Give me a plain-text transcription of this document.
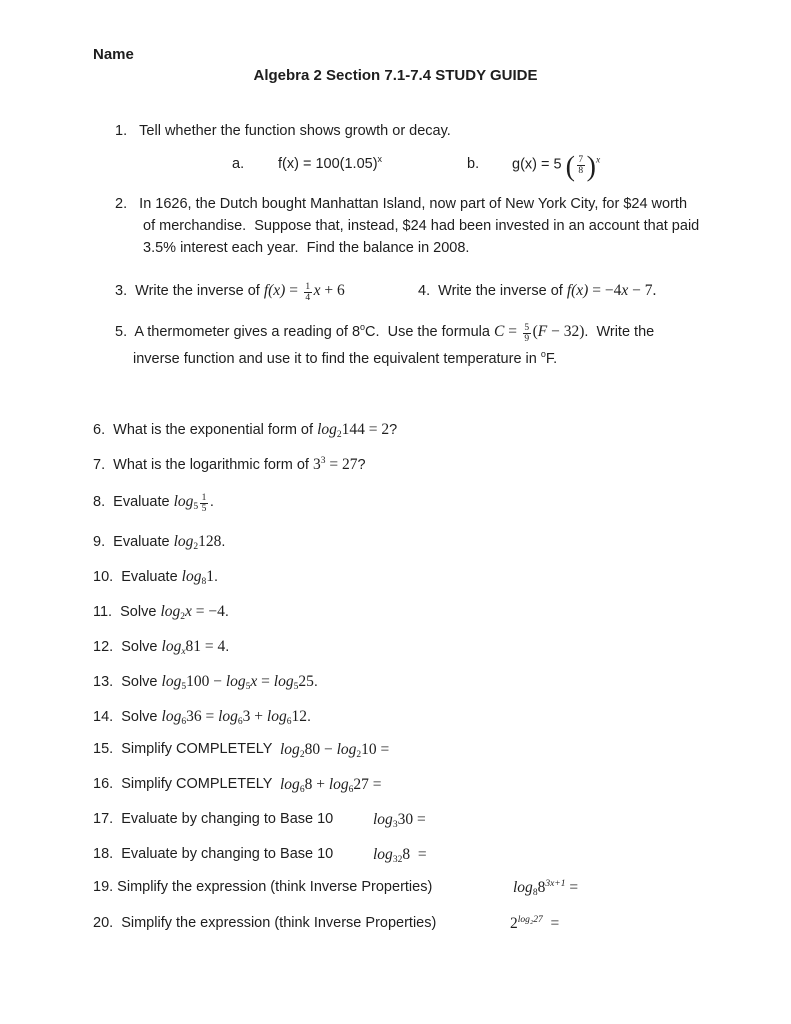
Name
Algebra 2 Section 7.1-7.4 STUDY GUIDE
1.   Tell whether the function shows growth or decay.
a. $f(x) = 100(1.05)^x$	b. g(x) = 5 ( $\frac{7}{8} )^x$
2.   In 1626, the Dutch bought Manhattan Island, now part of New York City, for $24 worth
of merchandise.  Suppose that, instead, $24 had been invested in an account that paid
3.5% interest each year.  Find the balance in 2008.
3.  Write the inverse of $f(x) = \frac{1}{4}$ x + 6	4.  Write the inverse of f(x) = −4x − 7.
5.  A thermometer gives a reading of 8$^o$C.  Use the formula $C = \frac{5}{9} (F - 32)$.  Write the
inverse function and use it to find the equivalent temperature in $^o$F.
6.  What is the exponential form of $\log_2144 = 2$?
7.  What is the logarithmic form of $3^3 = 27$?
8.  Evaluate $\log_5 \frac{1}{5}$ .
9.  Evaluate $\log_2128$.
10.  Evaluate $\log_81$.
11.  Solve $\log_2x = -4$.
12.  Solve $\log_x81 = 4$.
13.  Solve $\log_5100 - \log_5x = \log_525$.
14.  Solve $\log_636 = \log_63 + \log_612$.
15.  Simplify COMPLETELY $\log_280 - \log_210$ =
16.  Simplify COMPLETELY $\log_68 + \log_627$ =
17.  Evaluate by changing to Base 10	$\log_330$ =
18.  Evaluate by changing to Base 10	$\log_{32}8$  =
19. Simplify the expression (think Inverse Properties)	$\log_88^{3x+1}$ =
20.  Simplify the expression (think Inverse Properties)	$2^{log_227}$  =
